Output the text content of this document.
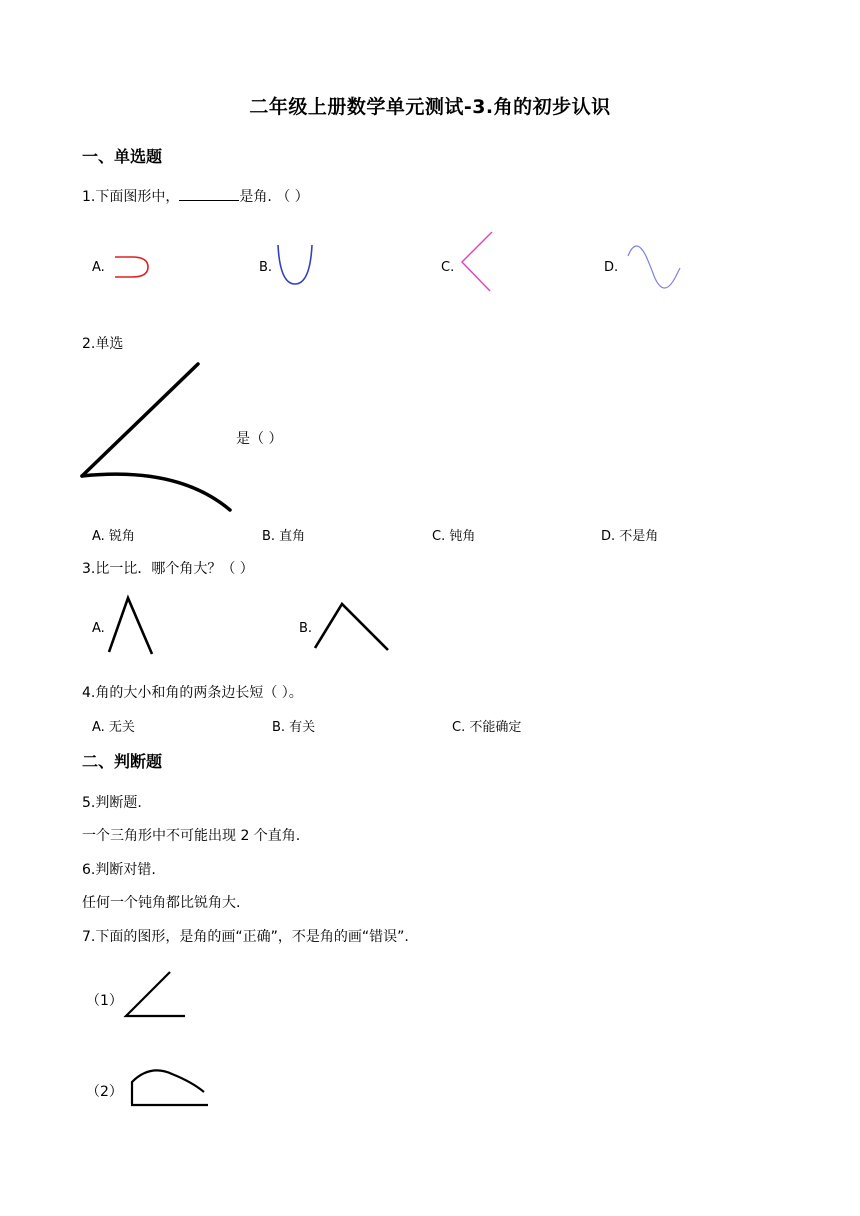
二年级上册数学单元测试-3.角的初步认识
一、单选题
1.下面图形中，	是角. （ ）
A.	B.	C.	D.
2.单选
是（ ）
A. 锐角	B. 直角	C. 钝角	D. 不是角
3.比一比．哪个角大？（ ）
A.	B.
4.角的大小和角的两条边长短（ ）。
A. 无关	B. 有关	C. 不能确定
二、判断题
5.判断题.
一个三角形中不可能出现 2 个直角.
6.判断对错.
任何一个钝角都比锐角大.
7.下面的图形，是角的画“正确”，不是角的画“错误”.
（1）
（2）
